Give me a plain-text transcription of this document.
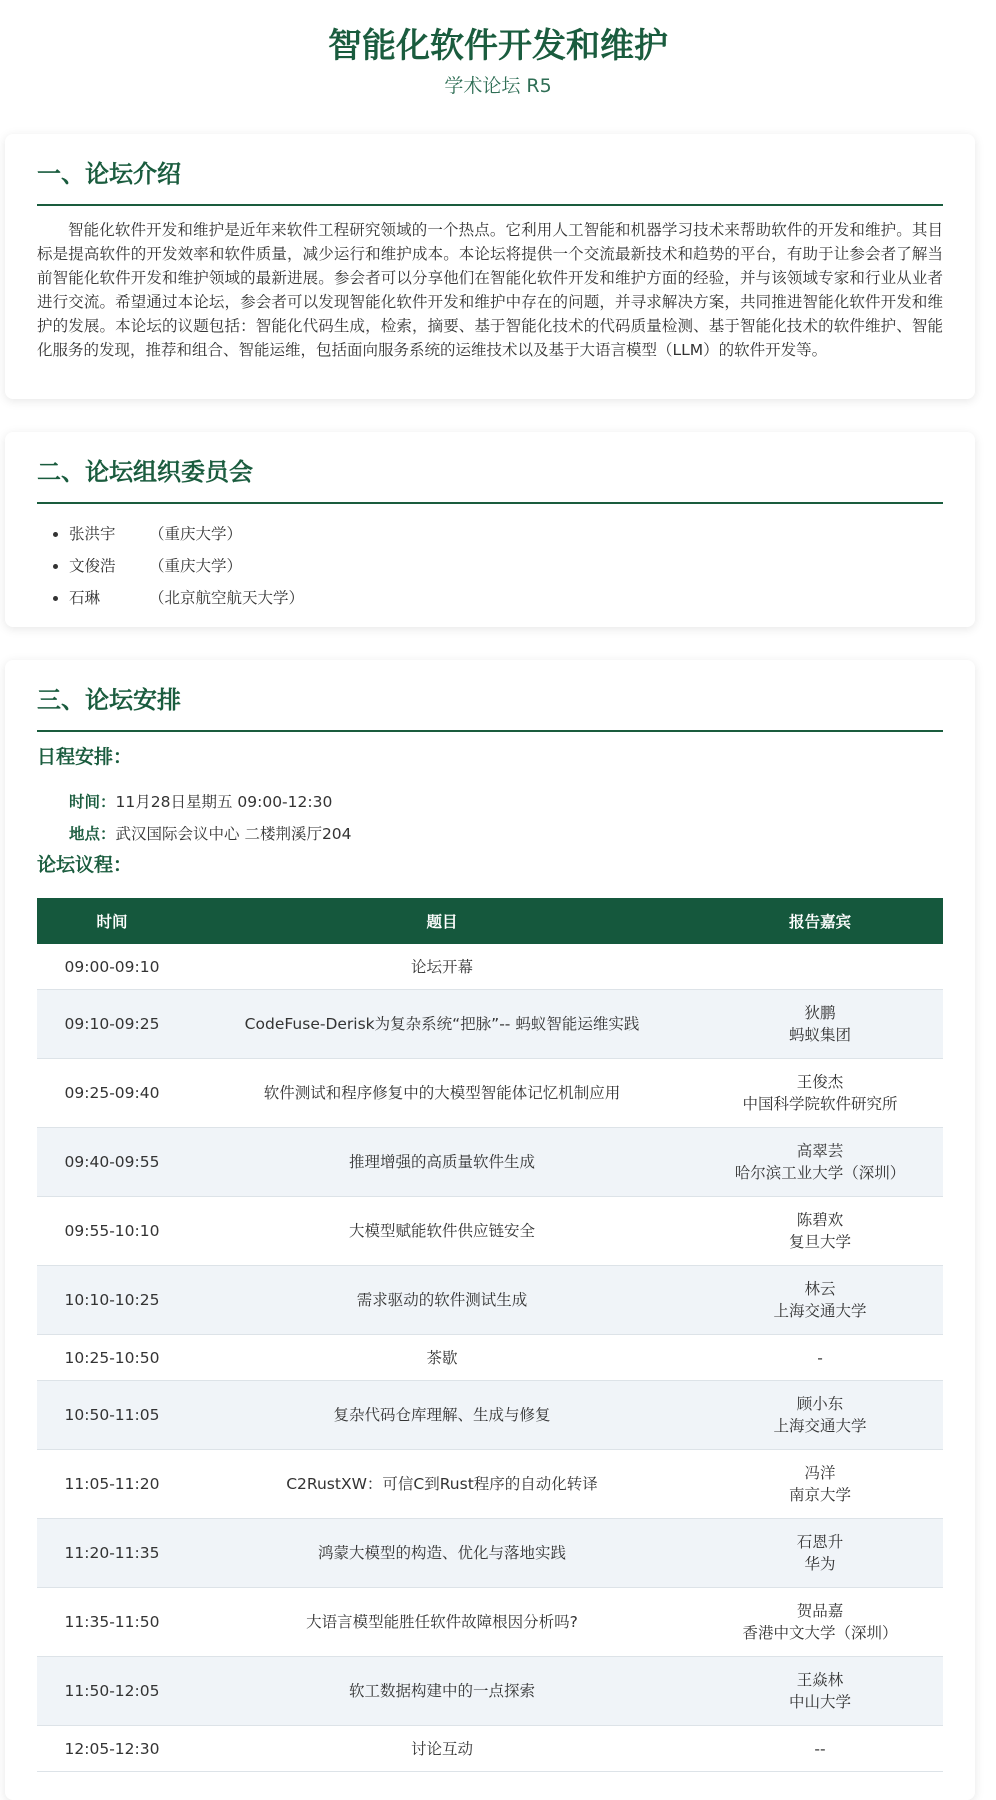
智能化软件开发和维护

学术论坛 R5

一、论坛介绍

智能化软件开发和维护是近年来软件工程研究领域的一个热点。它利用人工智能和机器学习技术来帮助软件的开发和维护。其目标是提高软件的开发效率和软件质量，减少运行和维护成本。本论坛将提供一个交流最新技术和趋势的平台，有助于让参会者了解当前智能化软件开发和维护领域的最新进展。参会者可以分享他们在智能化软件开发和维护方面的经验，并与该领域专家和行业从业者进行交流。希望通过本论坛，参会者可以发现智能化软件开发和维护中存在的问题，并寻求解决方案，共同推进智能化软件开发和维护的发展。本论坛的议题包括：智能化代码生成，检索，摘要、基于智能化技术的代码质量检测、基于智能化技术的软件维护、智能化服务的发现，推荐和组合、智能运维，包括面向服务系统的运维技术以及基于大语言模型（LLM）的软件开发等。

二、论坛组织委员会
• 张洪宇 （重庆大学）
• 文俊浩 （重庆大学）
• 石琳	（北京航空航天大学）
三、论坛安排
日程安排：

时间：11月28日星期五 09:00-12:30

地点：武汉国际会议中心 二楼荆溪厅204

论坛议程：
时间	题目	报告嘉宾
09:00-09:10	论坛开幕	

09:10-09:25	CodeFuse-Derisk为复杂系统“把脉”-- 蚂蚁智能运维实践	狄鹏
蚂蚁集团

09:25-09:40	软件测试和程序修复中的大模型智能体记忆机制应用	王俊杰
中国科学院软件研究所

09:40-09:55	推理增强的高质量软件生成	高翠芸
哈尔滨工业大学（深圳）

09:55-10:10	大模型赋能软件供应链安全	陈碧欢
复旦大学

10:10-10:25	需求驱动的软件测试生成	林云
上海交通大学

10:25-10:50	茶歇	-

10:50-11:05	复杂代码仓库理解、生成与修复	顾小东
上海交通大学

11:05-11:20	C2RustXW：可信C到Rust程序的自动化转译	冯洋
南京大学

11:20-11:35	鸿蒙大模型的构造、优化与落地实践	石恩升
华为

11:35-11:50	大语言模型能胜任软件故障根因分析吗?	贺品嘉
香港中文大学（深圳）

11:50-12:05	软工数据构建中的一点探索	王焱林
中山大学

12:05-12:30	讨论互动	--
